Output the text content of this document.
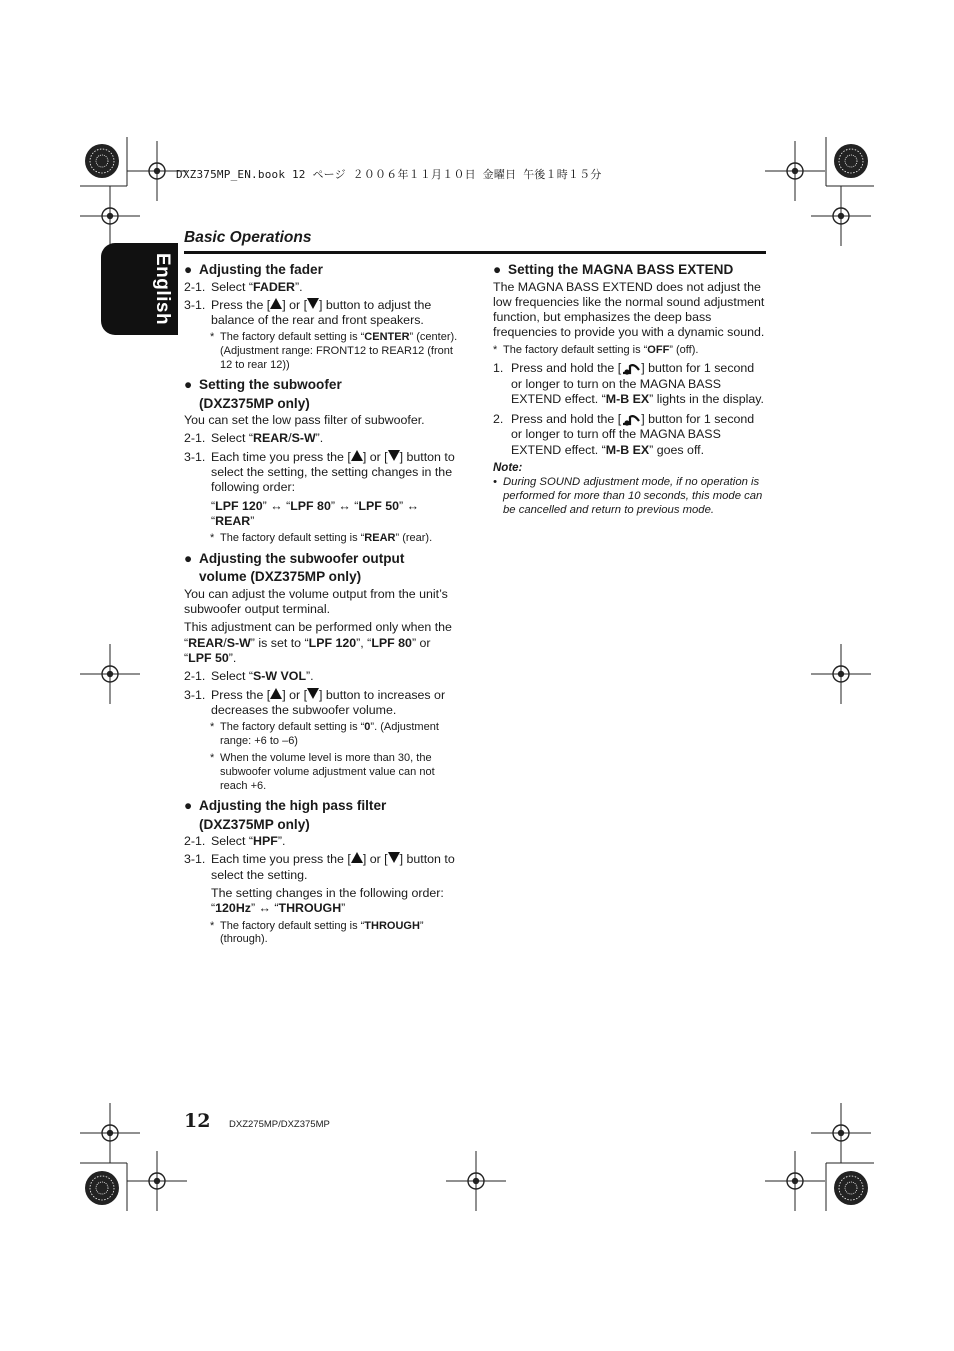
DXZ375MP_EN.book 12 ページ ２００６年１１月１０日 金曜日 午後１時１５分
English
Basic Operations
● Adjusting the fader
2-1. Select “FADER”.
3-1. Press the [ ] or [ ] button to adjust the balance of the rear and front speakers.
* The factory default setting is “CENTER” (center). (Adjustment range: FRONT12 to REAR12 (front 12 to rear 12))
● Setting the subwoofer
(DXZ375MP only)
You can set the low pass filter of subwoofer.
2-1. Select “REAR/S-W”.
3-1. Each time you press the [ ] or [ ] button to select the setting, the setting changes in the following order:
“LPF 120” ↔ “LPF 80” ↔ “LPF 50” ↔ “REAR”
* The factory default setting is “REAR” (rear).
● Adjusting the subwoofer output
volume (DXZ375MP only)
You can adjust the volume output from the unit’s subwoofer output terminal.
This adjustment can be performed only when the “REAR/S-W” is set to “LPF 120”, “LPF 80” or “LPF 50”.
2-1. Select “S-W VOL”.
3-1. Press the [ ] or [ ] button to increases or decreases the subwoofer volume.
* The factory default setting is “0”. (Adjustment range: +6 to –6)
* When the volume level is more than 30, the subwoofer volume adjustment value can not reach +6.
● Adjusting the high pass filter
(DXZ375MP only)
2-1. Select “HPF”.
3-1. Each time you press the [ ] or [ ] button to select the setting.
The setting changes in the following order: “120Hz” ↔ “THROUGH”
* The factory default setting is “THROUGH” (through).
● Setting the MAGNA BASS EXTEND
The MAGNA BASS EXTEND does not adjust the low frequencies like the normal sound adjustment function, but emphasizes the deep bass frequencies to provide you with a dynamic sound.
* The factory default setting is “OFF” (off).
1. Press and hold the [ ] button for 1 second or longer to turn on the MAGNA BASS EXTEND effect. “M-B EX” lights in the display.
2. Press and hold the [ ] button for 1 second or longer to turn off the MAGNA BASS EXTEND effect. “M-B EX” goes off.
Note:
• During SOUND adjustment mode, if no operation is performed for more than 10 seconds, this mode can be cancelled and return to previous mode.
12 DXZ275MP/DXZ375MP
